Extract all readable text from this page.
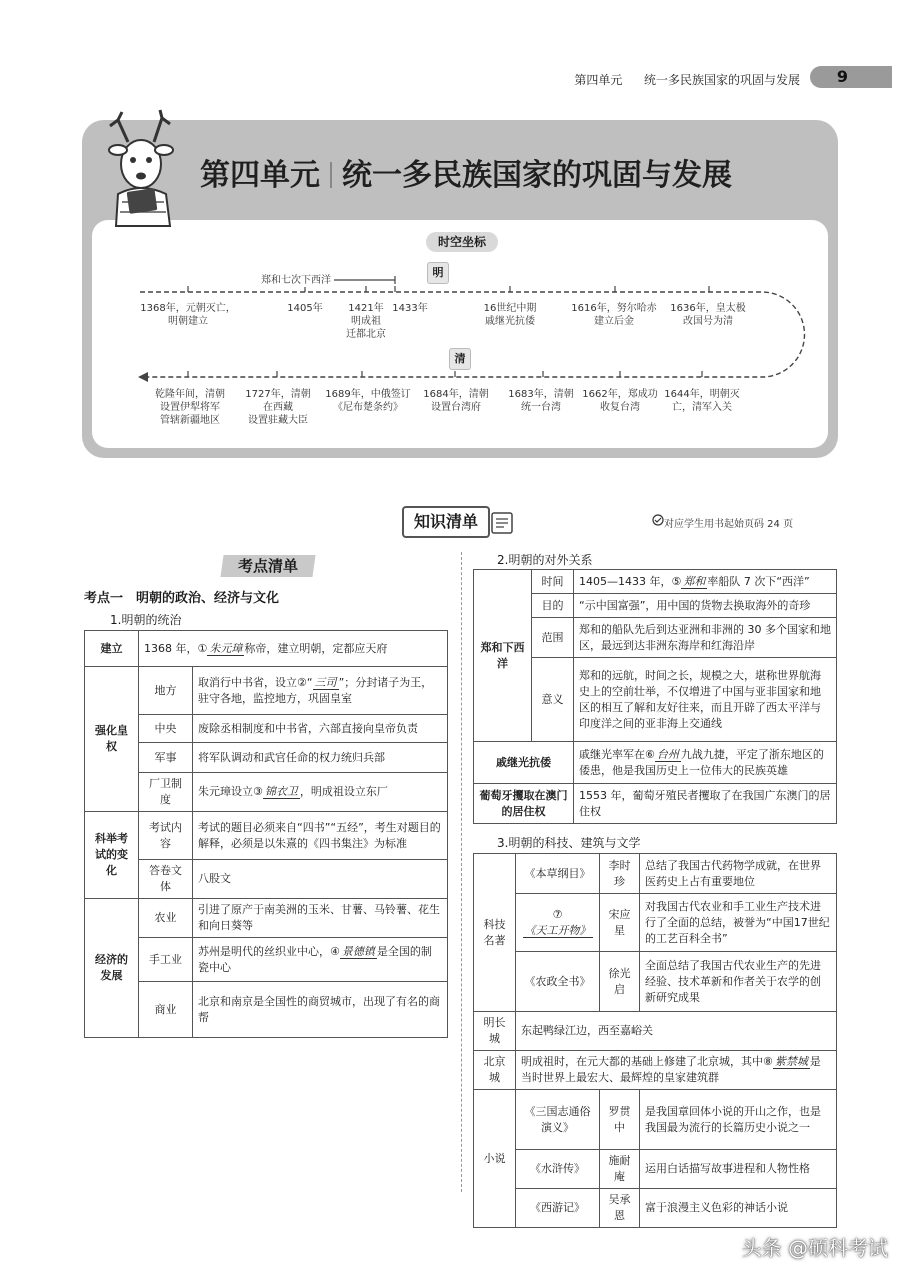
第四单元 统一多民族国家的巩固与发展 9
第四单元 统一多民族国家的巩固与发展
时空坐标
郑和七次下西洋
明
清
1368年，元朝灭亡，
明朝建立
1405年	1421年
明成祖
迁都北京
1433年	16世纪中期
戚继光抗倭
1616年，努尔哈赤
建立后金
1636年，皇太极
改国号为清
乾隆年间，清朝
设置伊犁将军
管辖新疆地区
1727年，清朝
在西藏
设置驻藏大臣
1689年，中俄签订
《尼布楚条约》
1684年，清朝
设置台湾府
1683年，清朝
统一台湾
1662年，郑成功
收复台湾
1644年，明朝灭
亡，清军入关
知识清单	对应学生用书起始页码 24 页
考点清单
考点一　明朝的政治、经济与文化
1.明朝的统治
2.明朝的对外关系
3.明朝的科技、建筑与文学
建立	1368 年，① 朱元璋 称帝，建立明朝，定都应天府	
强化皇权	地方	取消行中书省，设立②“ 三司 ”；分封诸子为王，驻守各地，监控地方，巩固皇室
	中央	废除丞相制度和中书省，六部直接向皇帝负责
	军事	将军队调动和武官任命的权力统归兵部
	厂卫制度	朱元璋设立③ 锦衣卫 ，明成祖设立东厂
科举考试的变化	考试内容	考试的题目必须来自“四书”“五经”，考生对题目的解释，必须是以朱熹的《四书集注》为标准
	答卷文体	八股文
经济的发展	农业	引进了原产于南美洲的玉米、甘薯、马铃薯、花生和向日葵等
	手工业	苏州是明代的丝织业中心，④ 景德镇 是全国的制瓷中心
	商业	北京和南京是全国性的商贸城市，出现了有名的商帮
郑和下西洋	时间	1405—1433 年，⑤ 郑和 率船队 7 次下“西洋”
	目的	“示中国富强”，用中国的货物去换取海外的奇珍
	范围	郑和的船队先后到达亚洲和非洲的 30 多个国家和地区，最远到达非洲东海岸和红海沿岸
	意义	郑和的远航，时间之长，规模之大，堪称世界航海史上的空前壮举，不仅增进了中国与亚非国家和地区的相互了解和友好往来，而且开辟了西太平洋与印度洋之间的亚非海上交通线
戚继光抗倭		戚继光率军在⑥ 台州 九战九捷，平定了浙东地区的倭患，他是我国历史上一位伟大的民族英雄
葡萄牙攫取在澳门的居住权		1553 年，葡萄牙殖民者攫取了在我国广东澳门的居住权
科技名著	《本草纲目》	李时珍	总结了我国古代药物学成就，在世界医药史上占有重要地位
	⑦《天工开物》	宋应星	对我国古代农业和手工业生产技术进行了全面的总结，被誉为“中国17世纪的工艺百科全书”
	《农政全书》	徐光启	全面总结了我国古代农业生产的先进经验、技术革新和作者关于农学的创新研究成果
明长城	东起鸭绿江边，西至嘉峪关		
北京城	明成祖时，在元大都的基础上修建了北京城，其中⑧ 紫禁城 是当时世界上最宏大、最辉煌的皇家建筑群		
小说	《三国志通俗演义》	罗贯中	是我国章回体小说的开山之作，也是我国最为流行的长篇历史小说之一
	《水浒传》	施耐庵	运用白话描写故事进程和人物性格
	《西游记》	吴承恩	富于浪漫主义色彩的神话小说
头条 @硕科考试
